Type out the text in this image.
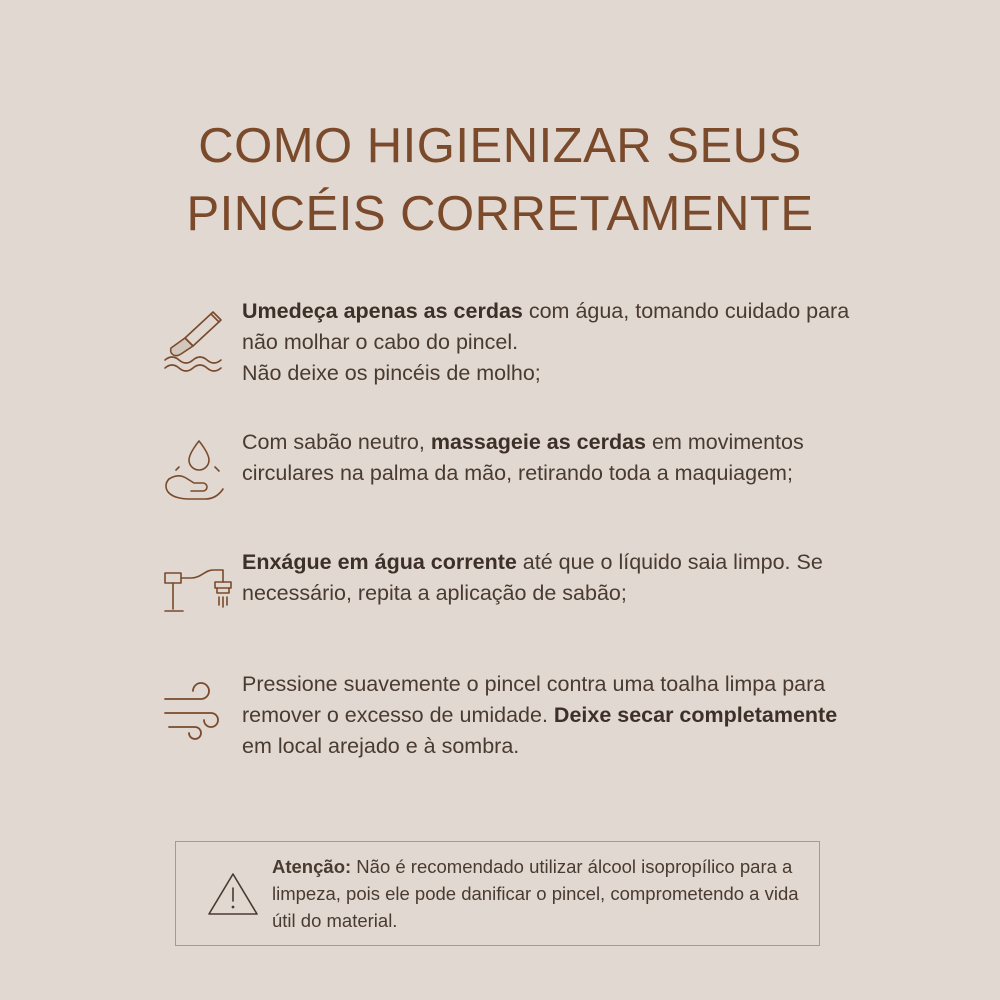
COMO HIGIENIZAR SEUS
PINCÉIS CORRETAMENTE
Umedeça apenas as cerdas com água, tomando cuidado para não molhar o cabo do pincel.
Não deixe os pincéis de molho;
Com sabão neutro, massageie as cerdas em movimentos circulares na palma da mão, retirando toda a maquiagem;
Enxágue em água corrente até que o líquido saia limpo. Se necessário, repita a aplicação de sabão;
Pressione suavemente o pincel contra uma toalha limpa para remover o excesso de umidade. Deixe secar completamente em local arejado e à sombra.
Atenção: Não é recomendado utilizar álcool isopropílico para a limpeza, pois ele pode danificar o pincel, comprometendo a vida útil do material.
